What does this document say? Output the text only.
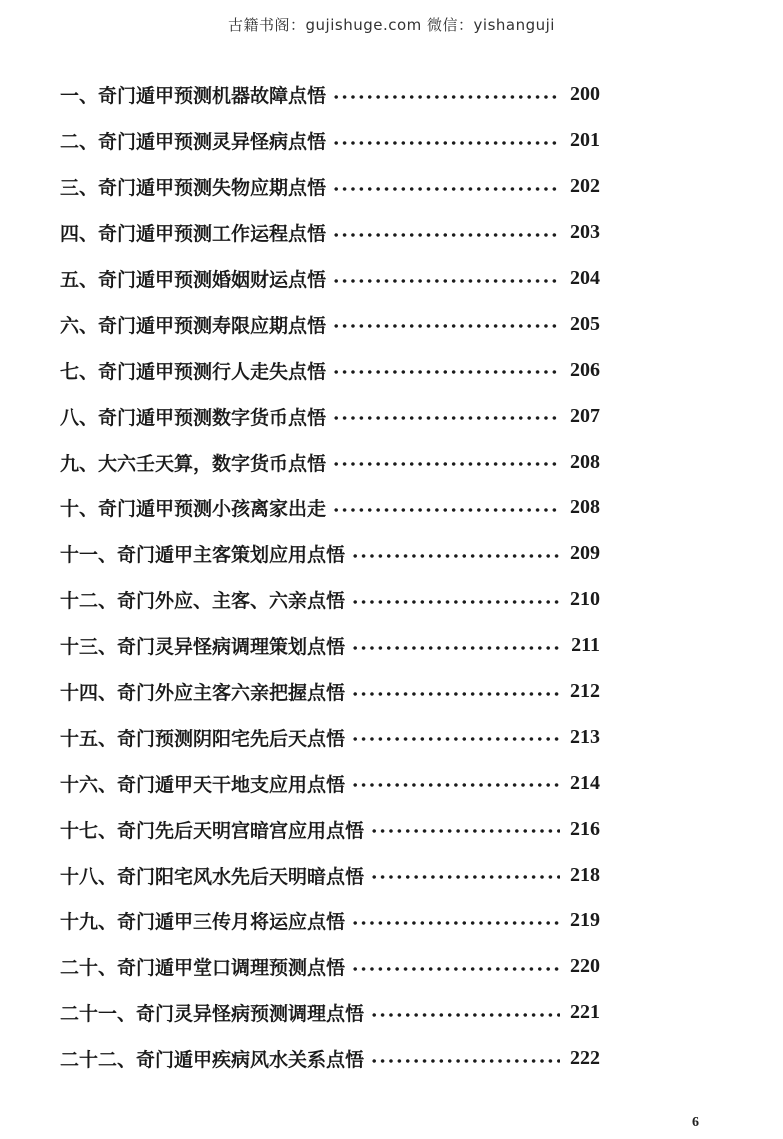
古籍书阁：gujishuge.com 微信：yishanguji
一、奇门遁甲预测机器故障点悟	200
二、奇门遁甲预测灵异怪病点悟	201
三、奇门遁甲预测失物应期点悟	202
四、奇门遁甲预测工作运程点悟	203
五、奇门遁甲预测婚姻财运点悟	204
六、奇门遁甲预测寿限应期点悟	205
七、奇门遁甲预测行人走失点悟	206
八、奇门遁甲预测数字货币点悟	207
九、大六壬天算，数字货币点悟	208
十、奇门遁甲预测小孩离家出走	208
十一、奇门遁甲主客策划应用点悟	209
十二、奇门外应、主客、六亲点悟	210
十三、奇门灵异怪病调理策划点悟	211
十四、奇门外应主客六亲把握点悟	212
十五、奇门预测阴阳宅先后天点悟	213
十六、奇门遁甲天干地支应用点悟	214
十七、奇门先后天明宫暗宫应用点悟	216
十八、奇门阳宅风水先后天明暗点悟	218
十九、奇门遁甲三传月将运应点悟	219
二十、奇门遁甲堂口调理预测点悟	220
二十一、奇门灵异怪病预测调理点悟	221
二十二、奇门遁甲疾病风水关系点悟	222
6
